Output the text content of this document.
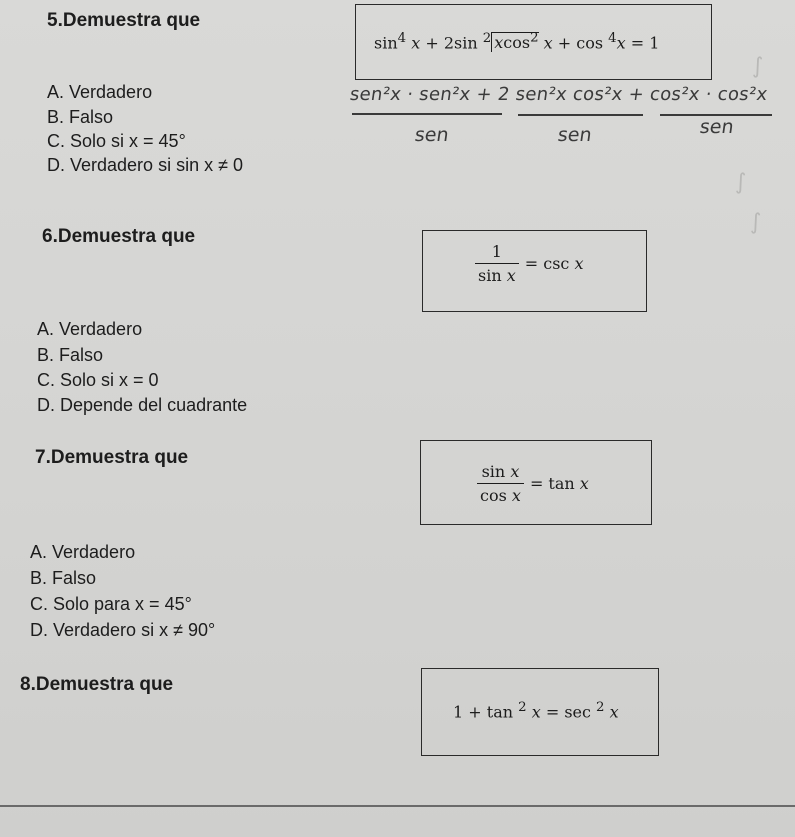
5.Demuestra que
$\sin^4 x + 2\sin$ $^2$ xcos$^2$ x + cos $^4$x = 1
A. Verdadero
B. Falso
C. Solo si x = 45°
D. Verdadero si sin x ≠ 0
sen²x · sen²x + 2 sen²x cos²x + cos²x · cos²x
sen	sen	sen
∫
∫
∫
6.Demuestra que
$\frac{1}{\text{sin x}} = \csc$
x
A. Verdadero
B. Falso
C. Solo si x = 0
D. Depende del cuadrante
7.Demuestra que
$\frac{\text{sin x}}{\text{cos x}} = \tan$
x
A. Verdadero
B. Falso
C. Solo para x = 45°
D. Verdadero si x ≠ 90°
8.Demuestra que
1 + tan $^2$ x = sec $^2$ x
